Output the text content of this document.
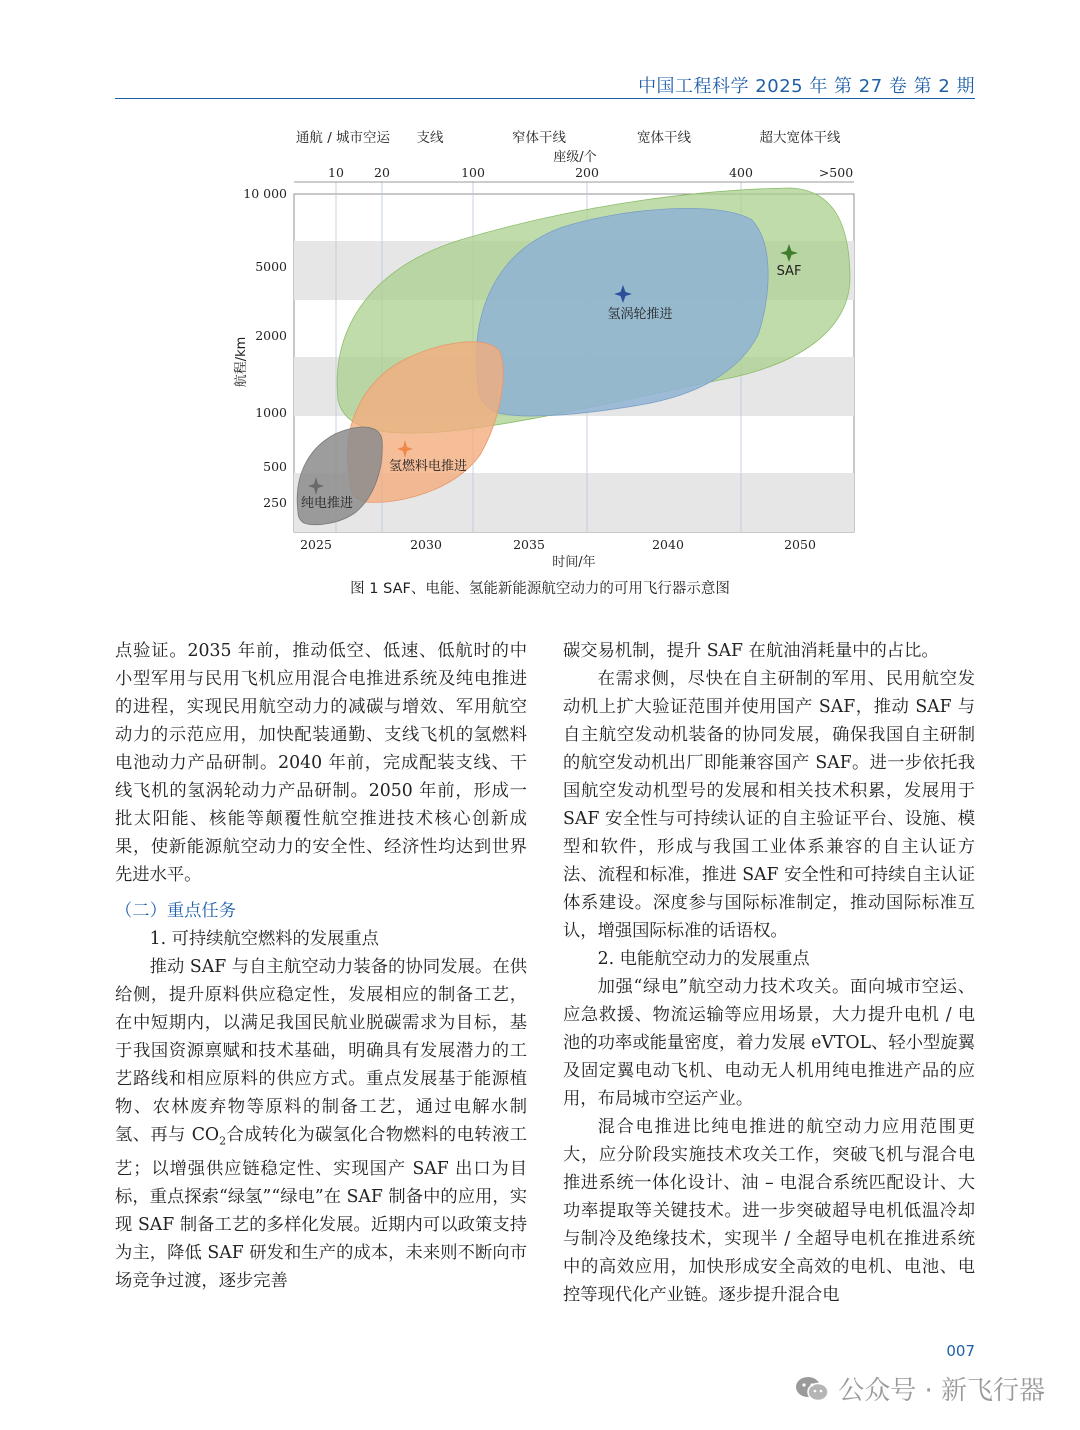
中国工程科学 2025 年 第 27 卷 第 2 期
SAF
氢涡轮推进
氢燃料电推进
纯电推进
通航 / 城市空运 支线	窄体干线	宽体干线	超大宽体干线
座级/个
10 20	100	200	400	>500
250
500
1000
2000
5000
10 000
航程/km
2025	2030	2035	2040	2050
时间/年
图 1 SAF、电能、氢能新能源航空动力的可用飞行器示意图

点验证。2035 年前，推动低空、低速、低航时的中小型军用与民用飞机应用混合电推进系统及纯电推进的进程，实现民用航空动力的减碳与增效、军用航空动力的示范应用，加快配装通勤、支线飞机的氢燃料电池动力产品研制。2040 年前，完成配装支线、干线飞机的氢涡轮动力产品研制。2050 年前，形成一批太阳能、核能等颠覆性航空推进技术核心创新成果，使新能源航空动力的安全性、经济性均达到世界先进水平。

（二）重点任务
1. 可持续航空燃料的发展重点

推动 SAF 与自主航空动力装备的协同发展。在供给侧，提升原料供应稳定性，发展相应的制备工艺，在中短期内，以满足我国民航业脱碳需求为目标，基于我国资源禀赋和技术基础，明确具有发展潜力的工艺路线和相应原料的供应方式。重点发展基于能源植物、农林废弃物等原料的制备工艺，通过电解水制氢、再与 $CO_2$合成转化为碳氢化合物燃料的电转液工艺；以增强供应链稳定性、实现国产 SAF 出口为目标，重点探索“绿氢”“绿电”在 SAF 制备中的应用，实现 SAF 制备工艺的多样化发展。近期内可以政策支持为主，降低 SAF 研发和生产的成本，未来则不断向市场竞争过渡，逐步完善

碳交易机制，提升 SAF 在航油消耗量中的占比。

在需求侧，尽快在自主研制的军用、民用航空发动机上扩大验证范围并使用国产 SAF，推动 SAF 与自主航空发动机装备的协同发展，确保我国自主研制的航空发动机出厂即能兼容国产 SAF。进一步依托我国航空发动机型号的发展和相关技术积累，发展用于 SAF 安全性与可持续认证的自主验证平台、设施、模型和软件，形成与我国工业体系兼容的自主认证方法、流程和标准，推进 SAF 安全性和可持续自主认证体系建设。深度参与国际标准制定，推动国际标准互认，增强国际标准的话语权。

2. 电能航空动力的发展重点

加强“绿电”航空动力技术攻关。面向城市空运、应急救援、物流运输等应用场景，大力提升电机 / 电池的功率或能量密度，着力发展 eVTOL、轻小型旋翼及固定翼电动飞机、电动无人机用纯电推进产品的应用，布局城市空运产业。

混合电推进比纯电推进的航空动力应用范围更大，应分阶段实施技术攻关工作，突破飞机与混合电推进系统一体化设计、油 – 电混合系统匹配设计、大功率提取等关键技术。进一步突破超导电机低温冷却与制冷及绝缘技术，实现半 / 全超导电机在推进系统中的高效应用，加快形成安全高效的电机、电池、电控等现代化产业链。逐步提升混合电

007
公众号 · 新飞行器
